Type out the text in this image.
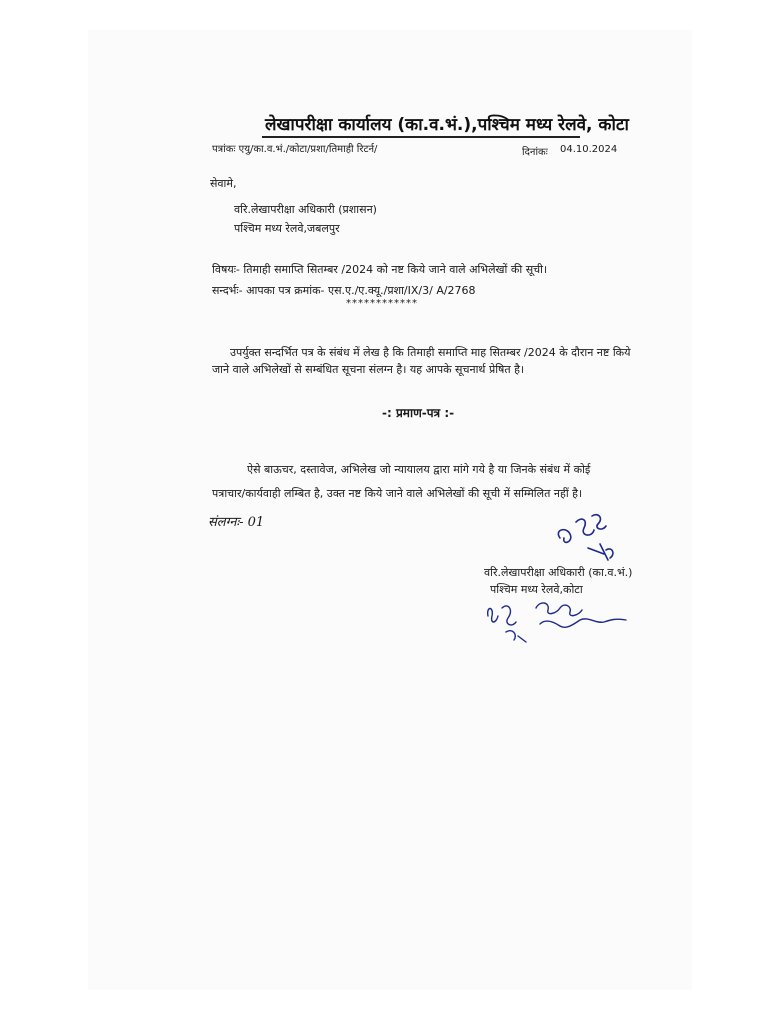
लेखापरीक्षा कार्यालय (का.व.भं.),पश्चिम मध्य रेलवे, कोटा
पत्रांकः एयु/का.व.भं./कोटा/प्रशा/तिमाही रिटर्न/	दिनांकः 04.10.2024
सेवामे,
वरि.लेखापरीक्षा अधिकारी (प्रशासन)
पश्चिम मध्य रेलवे,जबलपुर
विषयः- तिमाही समाप्ति सितम्बर /2024 को नष्ट किये जाने वाले अभिलेखों की सूची।
सन्दर्भः- आपका पत्र क्रमांक- एस.ए./ए.क्यू./प्रशा/IX/3/ A/2768
************
उपर्युक्त सन्दर्भित पत्र के संबंध में लेख है कि तिमाही समाप्ति माह सितम्बर /2024 के दौरान नष्ट किये
जाने वाले अभिलेखों से सम्बंधित सूचना संलग्न है। यह आपके सूचनार्थ प्रेषित है।
-: प्रमाण-पत्र :-
ऐसे बाऊचर, दस्तावेज, अभिलेख जो न्यायालय द्वारा मांगे गये है या जिनके संबंध में कोई
पत्राचार/कार्यवाही लम्बित है, उक्त नष्ट किये जाने वाले अभिलेखों की सूची में सम्मिलित नहीं है।
संलग्नः- 01
वरि.लेखापरीक्षा अधिकारी (का.व.भं.)
पश्चिम मध्य रेलवे,कोटा
